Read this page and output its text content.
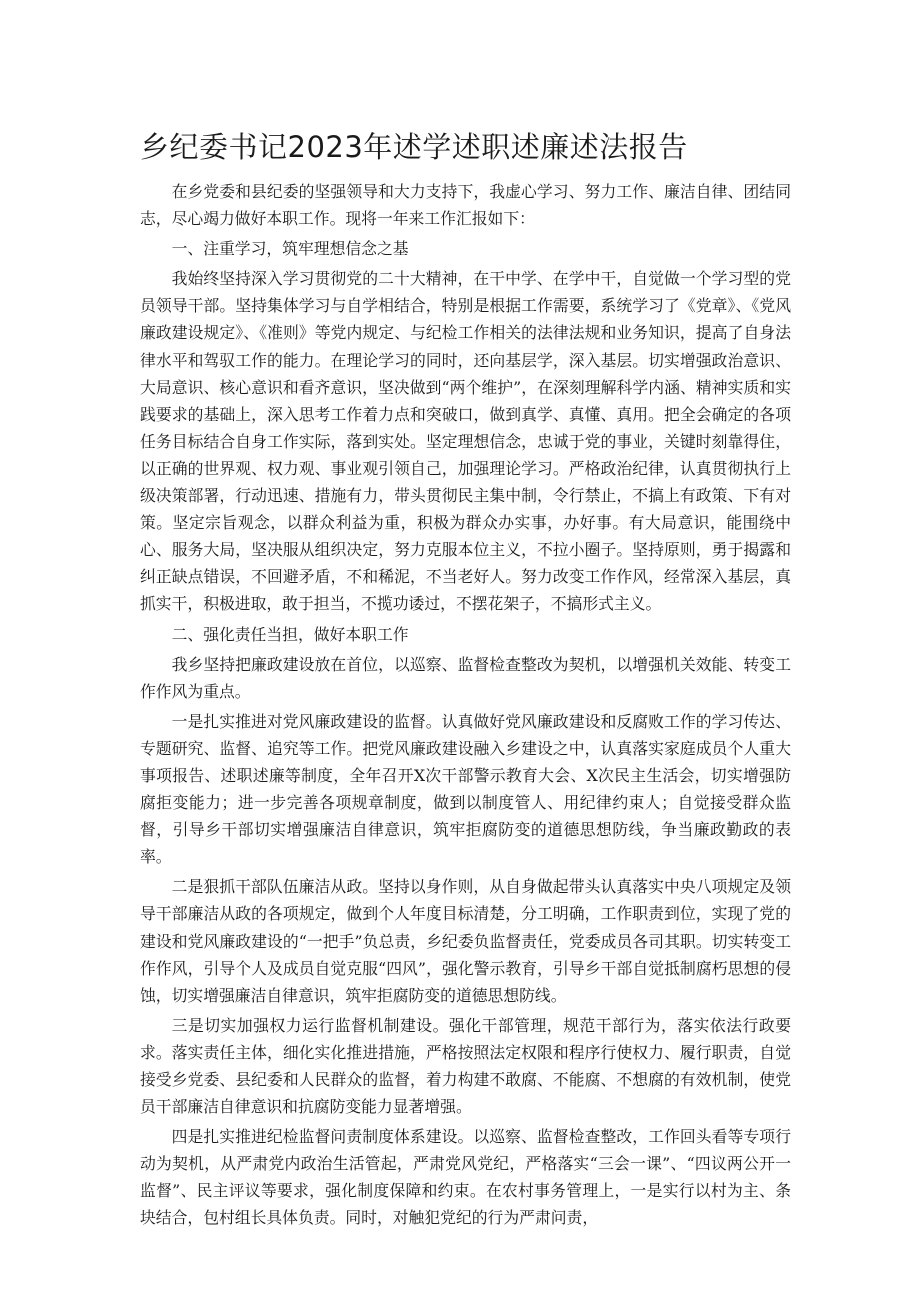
乡纪委书记2023年述学述职述廉述法报告

在乡党委和县纪委的坚强领导和大力支持下，我虚心学习、努力工作、廉洁自律、团结同志，尽心竭力做好本职工作。现将一年来工作汇报如下：

一、注重学习，筑牢理想信念之基

我始终坚持深入学习贯彻党的二十大精神，在干中学、在学中干，自觉做一个学习型的党员领导干部。坚持集体学习与自学相结合，特别是根据工作需要，系统学习了《党章》、《党风廉政建设规定》、《准则》等党内规定、与纪检工作相关的法律法规和业务知识，提高了自身法律水平和驾驭工作的能力。在理论学习的同时，还向基层学，深入基层。切实增强政治意识、大局意识、核心意识和看齐意识，坚决做到“两个维护”，在深刻理解科学内涵、精神实质和实践要求的基础上，深入思考工作着力点和突破口，做到真学、真懂、真用。把全会确定的各项任务目标结合自身工作实际，落到实处。坚定理想信念，忠诚于党的事业，关键时刻靠得住，以正确的世界观、权力观、事业观引领自己，加强理论学习。严格政治纪律，认真贯彻执行上级决策部署，行动迅速、措施有力，带头贯彻民主集中制，令行禁止，不搞上有政策、下有对策。坚定宗旨观念，以群众利益为重，积极为群众办实事，办好事。有大局意识，能围绕中心、服务大局，坚决服从组织决定，努力克服本位主义，不拉小圈子。坚持原则，勇于揭露和纠正缺点错误，不回避矛盾，不和稀泥，不当老好人。努力改变工作作风，经常深入基层，真抓实干，积极进取，敢于担当，不揽功诿过，不摆花架子，不搞形式主义。

二、强化责任当担，做好本职工作

我乡坚持把廉政建设放在首位，以巡察、监督检查整改为契机，以增强机关效能、转变工作作风为重点。

一是扎实推进对党风廉政建设的监督。认真做好党风廉政建设和反腐败工作的学习传达、专题研究、监督、追究等工作。把党风廉政建设融入乡建设之中，认真落实家庭成员个人重大事项报告、述职述廉等制度，全年召开X次干部警示教育大会、X次民主生活会，切实增强防腐拒变能力；进一步完善各项规章制度，做到以制度管人、用纪律约束人；自觉接受群众监督，引导乡干部切实增强廉洁自律意识，筑牢拒腐防变的道德思想防线，争当廉政勤政的表率。

二是狠抓干部队伍廉洁从政。坚持以身作则，从自身做起带头认真落实中央八项规定及领导干部廉洁从政的各项规定，做到个人年度目标清楚，分工明确，工作职责到位，实现了党的建设和党风廉政建设的“一把手”负总责，乡纪委负监督责任，党委成员各司其职。切实转变工作作风，引导个人及成员自觉克服“四风”，强化警示教育，引导乡干部自觉抵制腐朽思想的侵蚀，切实增强廉洁自律意识，筑牢拒腐防变的道德思想防线。

三是切实加强权力运行监督机制建设。强化干部管理，规范干部行为，落实依法行政要求。落实责任主体，细化实化推进措施，严格按照法定权限和程序行使权力、履行职责，自觉接受乡党委、县纪委和人民群众的监督，着力构建不敢腐、不能腐、不想腐的有效机制，使党员干部廉洁自律意识和抗腐防变能力显著增强。

四是扎实推进纪检监督问责制度体系建设。以巡察、监督检查整改，工作回头看等专项行动为契机，从严肃党内政治生活管起，严肃党风党纪，严格落实“三会一课”、“四议两公开一监督”、民主评议等要求，强化制度保障和约束。在农村事务管理上，一是实行以村为主、条块结合，包村组长具体负责。同时，对触犯党纪的行为严肃问责，
